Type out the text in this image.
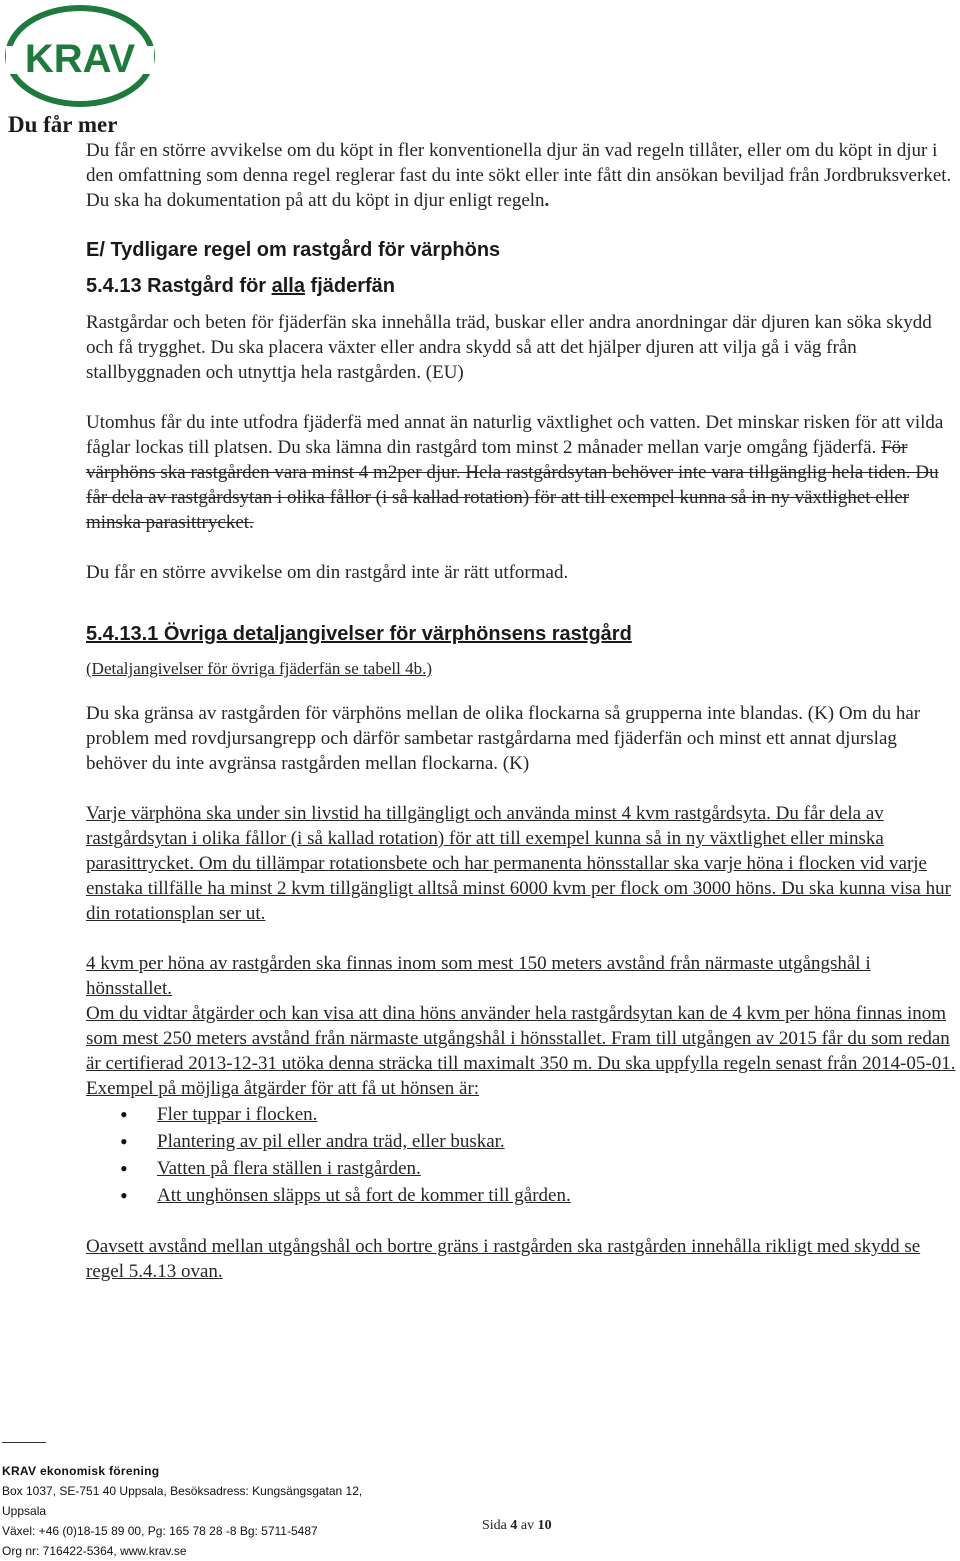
KRAV
Du får mer

Du får en större avvikelse om du köpt in fler konventionella djur än vad regeln tillåter, eller om du köpt in djur i den omfattning som denna regel reglerar fast du inte sökt eller inte fått din ansökan beviljad från Jordbruksverket. Du ska ha dokumentation på att du köpt in djur enligt regeln.

E/ Tydligare regel om rastgård för värphöns
5.4.13 Rastgård för alla fjäderfän

Rastgårdar och beten för fjäderfän ska innehålla träd, buskar eller andra anordningar där djuren kan söka skydd och få trygghet. Du ska placera växter eller andra skydd så att det hjälper djuren att vilja gå i väg från stallbyggnaden och utnyttja hela rastgården. (EU)

Utomhus får du inte utfodra fjäderfä med annat än naturlig växtlighet och vatten. Det minskar risken för att vilda fåglar lockas till platsen. Du ska lämna din rastgård tom minst 2 månader mellan varje omgång fjäderfä. För värphöns ska rastgården vara minst 4 m2per djur. Hela rastgårdsytan behöver inte vara tillgänglig hela tiden. Du får dela av rastgårdsytan i olika fållor (i så kallad rotation) för att till exempel kunna så in ny växtlighet eller minska parasittrycket.

Du får en större avvikelse om din rastgård inte är rätt utformad.

5.4.13.1 Övriga detaljangivelser för värphönsens rastgård

(Detaljangivelser för övriga fjäderfän se tabell 4b.)

Du ska gränsa av rastgården för värphöns mellan de olika flockarna så grupperna inte blandas. (K) Om du har problem med rovdjursangrepp och därför sambetar rastgårdarna med fjäderfän och minst ett annat djurslag behöver du inte avgränsa rastgården mellan flockarna. (K)

Varje värphöna ska under sin livstid ha tillgängligt och använda minst 4 kvm rastgårdsyta. Du får dela av rastgårdsytan i olika fållor (i så kallad rotation) för att till exempel kunna så in ny växtlighet eller minska parasittrycket. Om du tillämpar rotationsbete och har permanenta hönsstallar ska varje höna i flocken vid varje enstaka tillfälle ha minst 2 kvm tillgängligt alltså minst 6000 kvm per flock om 3000 höns. Du ska kunna visa hur din rotationsplan ser ut.

4 kvm per höna av rastgården ska finnas inom som mest 150 meters avstånd från närmaste utgångshål i hönsstallet.

Om du vidtar åtgärder och kan visa att dina höns använder hela rastgårdsytan kan de 4 kvm per höna finnas inom som mest 250 meters avstånd från närmaste utgångshål i hönsstallet. Fram till utgången av 2015 får du som redan är certifierad 2013-12-31 utöka denna sträcka till maximalt 350 m. Du ska uppfylla regeln senast från 2014-05-01.

Exempel på möjliga åtgärder för att få ut hönsen är:

• Fler tuppar i flocken.
• Plantering av pil eller andra träd, eller buskar.
• Vatten på flera ställen i rastgården.
• Att unghönsen släpps ut så fort de kommer till gården.

Oavsett avstånd mellan utgångshål och bortre gräns i rastgården ska rastgården innehålla rikligt med skydd se regel 5.4.13 ovan.

KRAV ekonomisk förening
Box 1037, SE-751 40 Uppsala, Besöksadress: Kungsängsgatan 12,
Uppsala
Växel: +46 (0)18-15 89 00, Pg: 165 78 28 -8 Bg: 5711-5487
Org nr: 716422-5364, www.krav.se
Sida 4 av 10
